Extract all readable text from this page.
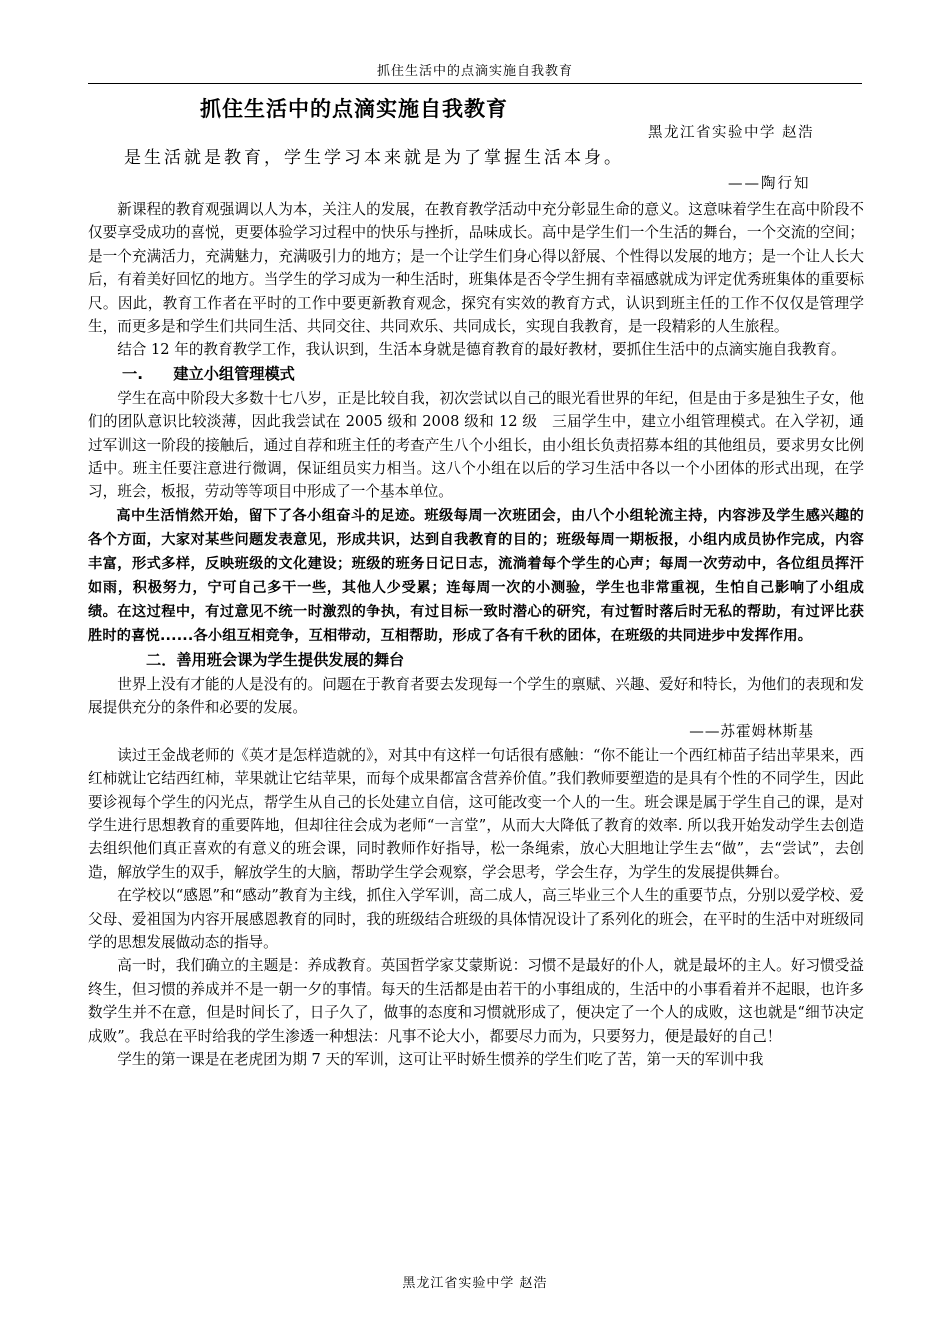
抓住生活中的点滴实施自我教育
抓住生活中的点滴实施自我教育
黑龙江省实验中学 赵浩
是生活就是教育，学生学习本来就是为了掌握生活本身。
——陶行知

新课程的教育观强调以人为本，关注人的发展，在教育教学活动中充分彰显生命的意义。这意味着学生在高中阶段不仅要享受成功的喜悦，更要体验学习过程中的快乐与挫折，品味成长。高中是学生们一个生活的舞台，一个交流的空间；是一个充满活力，充满魅力，充满吸引力的地方；是一个让学生们身心得以舒展、个性得以发展的地方；是一个让人长大后，有着美好回忆的地方。当学生的学习成为一种生活时，班集体是否令学生拥有幸福感就成为评定优秀班集体的重要标尺。因此，教育工作者在平时的工作中要更新教育观念，探究有实效的教育方式，认识到班主任的工作不仅仅是管理学生，而更多是和学生们共同生活、共同交往、共同欢乐、共同成长，实现自我教育，是一段精彩的人生旅程。

结合 12 年的教育教学工作，我认识到，生活本身就是德育教育的最好教材，要抓住生活中的点滴实施自我教育。

一.　　建立小组管理模式

学生在高中阶段大多数十七八岁，正是比较自我，初次尝试以自己的眼光看世界的年纪，但是由于多是独生子女，他们的团队意识比较淡薄，因此我尝试在 2005 级和 2008 级和 12 级　三届学生中，建立小组管理模式。在入学初，通过军训这一阶段的接触后，通过自荐和班主任的考查产生八个小组长，由小组长负责招募本组的其他组员，要求男女比例适中。班主任要注意进行微调，保证组员实力相当。这八个小组在以后的学习生活中各以一个小团体的形式出现，在学习，班会，板报，劳动等等项目中形成了一个基本单位。

高中生活悄然开始，留下了各小组奋斗的足迹。班级每周一次班团会，由八个小组轮流主持，内容涉及学生感兴趣的各个方面，大家对某些问题发表意见，形成共识，达到自我教育的目的；班级每周一期板报，小组内成员协作完成，内容丰富，形式多样，反映班级的文化建设；班级的班务日记日志，流淌着每个学生的心声；每周一次劳动中，各位组员挥汗如雨，积极努力，宁可自己多干一些，其他人少受累；连每周一次的小测验，学生也非常重视，生怕自己影响了小组成绩。在这过程中，有过意见不统一时激烈的争执，有过目标一致时潜心的研究，有过暂时落后时无私的帮助，有过评比获胜时的喜悦......各小组互相竞争，互相带动，互相帮助，形成了各有千秋的团体，在班级的共同进步中发挥作用。

二．善用班会课为学生提供发展的舞台

世界上没有才能的人是没有的。问题在于教育者要去发现每一个学生的禀赋、兴趣、爱好和特长，为他们的表现和发展提供充分的条件和必要的发展。

——苏霍姆林斯基

读过王金战老师的《英才是怎样造就的》，对其中有这样一句话很有感触：“你不能让一个西红柿苗子结出苹果来，西红柿就让它结西红柿，苹果就让它结苹果，而每个成果都富含营养价值。”我们教师要塑造的是具有个性的不同学生，因此要诊视每个学生的闪光点，帮学生从自己的长处建立自信，这可能改变一个人的一生。班会课是属于学生自己的课，是对学生进行思想教育的重要阵地，但却往往会成为老师“一言堂”，从而大大降低了教育的效率. 所以我开始发动学生去创造去组织他们真正喜欢的有意义的班会课，同时教师作好指导，松一条绳索，放心大胆地让学生去“做”，去“尝试”，去创造，解放学生的双手，解放学生的大脑，帮助学生学会观察，学会思考，学会生存，为学生的发展提供舞台。

在学校以“感恩”和“感动”教育为主线，抓住入学军训，高二成人，高三毕业三个人生的重要节点，分别以爱学校、爱父母、爱祖国为内容开展感恩教育的同时，我的班级结合班级的具体情况设计了系列化的班会，在平时的生活中对班级同学的思想发展做动态的指导。

高一时，我们确立的主题是：养成教育。英国哲学家艾蒙斯说：习惯不是最好的仆人，就是最坏的主人。好习惯受益终生，但习惯的养成并不是一朝一夕的事情。每天的生活都是由若干的小事组成的，生活中的小事看着并不起眼，也许多数学生并不在意，但是时间长了，日子久了，做事的态度和习惯就形成了，便决定了一个人的成败，这也就是“细节决定成败”。我总在平时给我的学生渗透一种想法：凡事不论大小，都要尽力而为，只要努力，便是最好的自己！

学生的第一课是在老虎团为期 7 天的军训，这可让平时娇生惯养的学生们吃了苦，第一天的军训中我

黑龙江省实验中学 赵浩
